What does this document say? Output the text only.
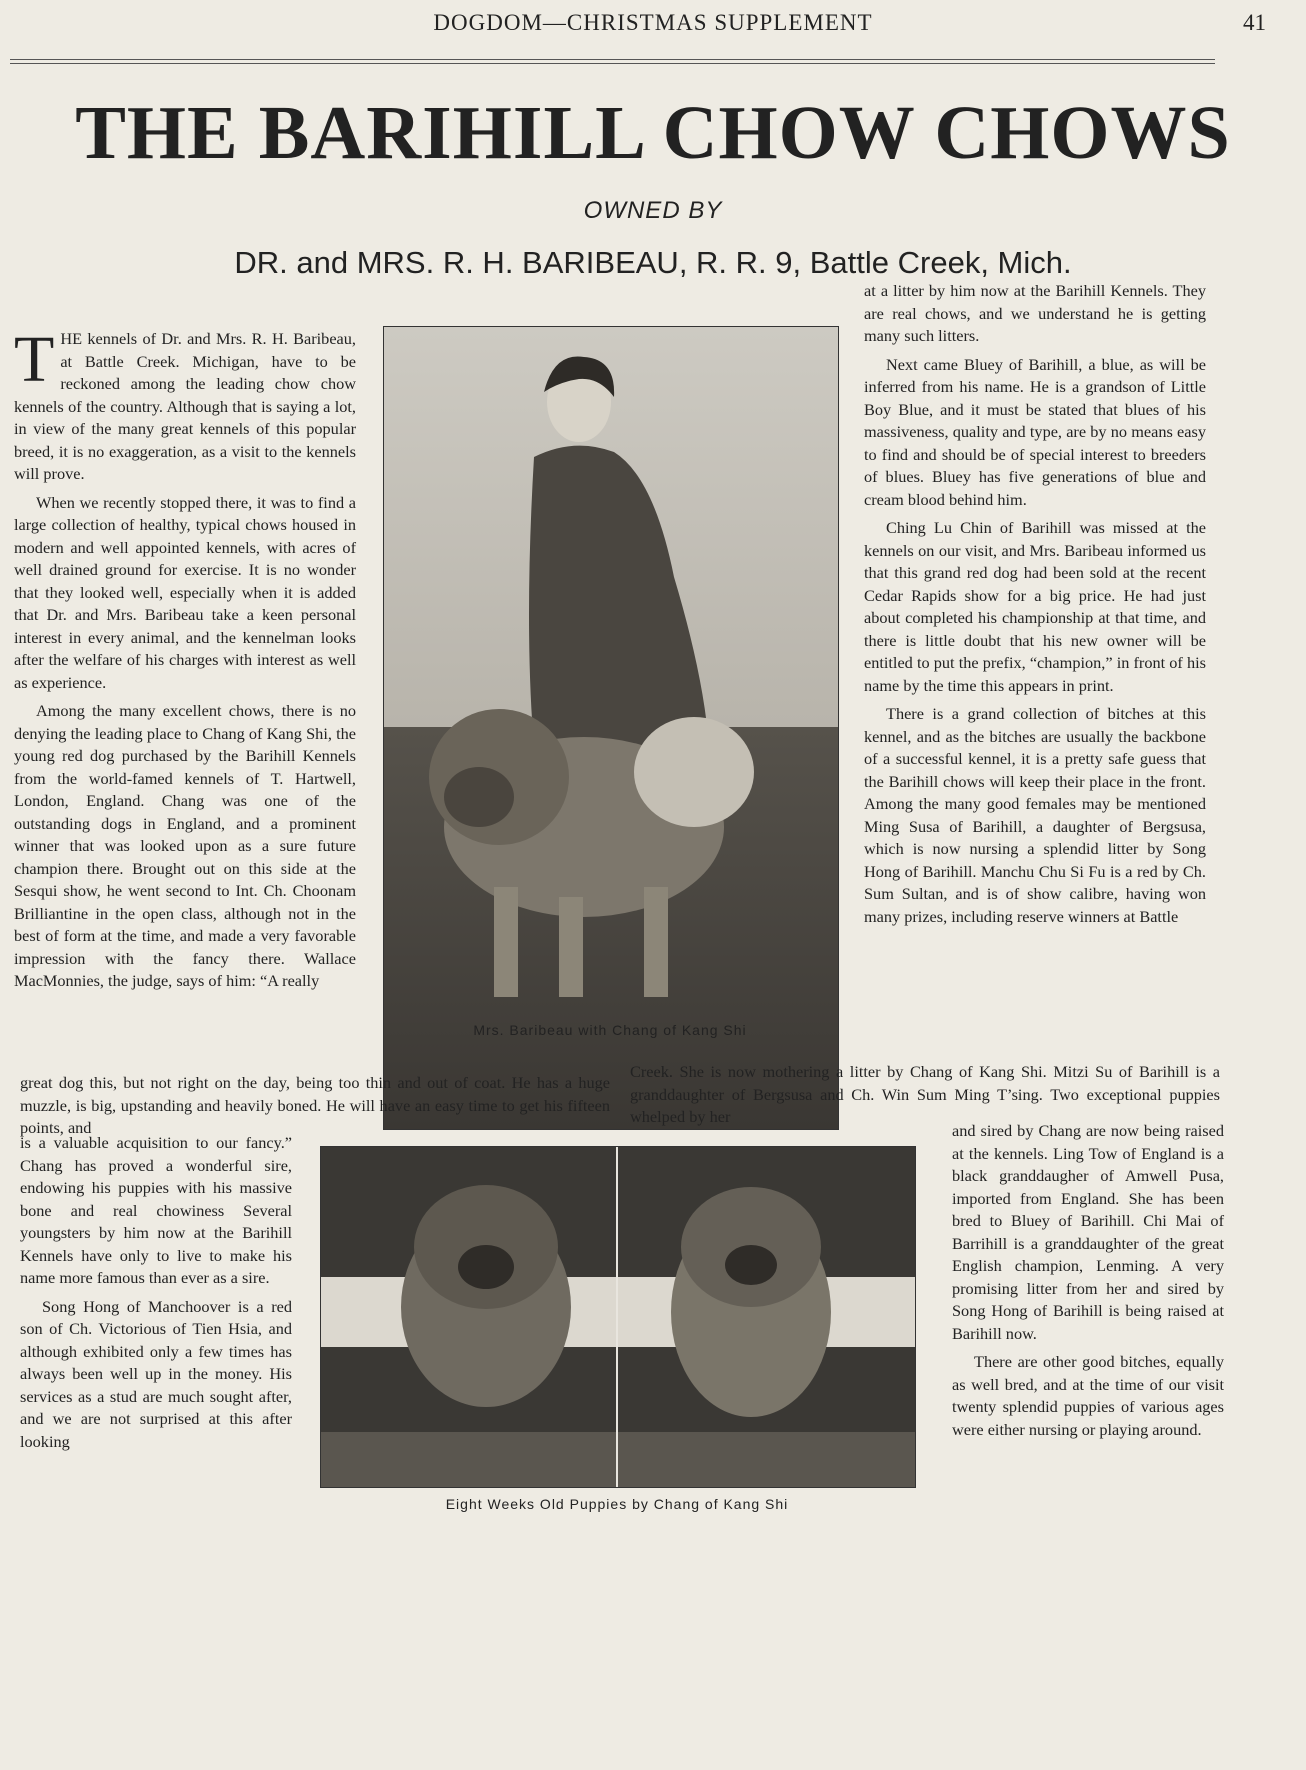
DOGDOM—CHRISTMAS SUPPLEMENT	41
THE BARIHILL CHOW CHOWS
OWNED BY
DR. and MRS. R. H. BARIBEAU, R. R. 9, Battle Creek, Mich.

THE kennels of Dr. and Mrs. R. H. Baribeau, at Battle Creek. Michigan, have to be reckoned among the leading chow chow kennels of the country. Although that is saying a lot, in view of the many great kennels of this popular breed, it is no exaggeration, as a visit to the kennels will prove.

When we recently stopped there, it was to find a large collection of healthy, typical chows housed in modern and well appointed kennels, with acres of well drained ground for exercise. It is no wonder that they looked well, especially when it is added that Dr. and Mrs. Baribeau take a keen personal interest in every animal, and the kennelman looks after the welfare of his charges with interest as well as experience.

Among the many excellent chows, there is no denying the leading place to Chang of Kang Shi, the young red dog purchased by the Barihill Kennels from the world-famed kennels of T. Hartwell, London, England. Chang was one of the outstanding dogs in England, and a prominent winner that was looked upon as a sure future champion there. Brought out on this side at the Sesqui show, he went second to Int. Ch. Choonam Brilliantine in the open class, although not in the best of form at the time, and made a very favorable impression with the fancy there. Wallace MacMonnies, the judge, says of him: “A really

Mrs. Baribeau with Chang of Kang Shi

at a litter by him now at the Barihill Kennels. They are real chows, and we understand he is getting many such litters.

Next came Bluey of Barihill, a blue, as will be inferred from his name. He is a grandson of Little Boy Blue, and it must be stated that blues of his massiveness, quality and type, are by no means easy to find and should be of special interest to breeders of blues. Bluey has five generations of blue and cream blood behind him.

Ching Lu Chin of Barihill was missed at the kennels on our visit, and Mrs. Baribeau informed us that this grand red dog had been sold at the recent Cedar Rapids show for a big price. He had just about completed his championship at that time, and there is little doubt that his new owner will be entitled to put the prefix, “champion,” in front of his name by the time this appears in print.

There is a grand collection of bitches at this kennel, and as the bitches are usually the backbone of a successful kennel, it is a pretty safe guess that the Barihill chows will keep their place in the front. Among the many good females may be mentioned Ming Susa of Barihill, a daughter of Bergsusa, which is now nursing a splendid litter by Song Hong of Barihill. Manchu Chu Si Fu is a red by Ch. Sum Sultan, and is of show calibre, having won many prizes, including reserve winners at Battle

great dog this, but not right on the day, being too thin and out of coat. He has a huge muzzle, is big, upstanding and heavily boned. He will have an easy time to get his fifteen points, and

Creek. She is now mothering a litter by Chang of Kang Shi. Mitzi Su of Barihill is a granddaughter of Bergsusa and Ch. Win Sum Ming T’sing. Two exceptional puppies whelped by her

is a valuable acquisition to our fancy.” Chang has proved a wonderful sire, endowing his puppies with his massive bone and real chowiness Several youngsters by him now at the Barihill Kennels have only to live to make his name more famous than ever as a sire.

Song Hong of Manchoover is a red son of Ch. Victorious of Tien Hsia, and although exhibited only a few times has always been well up in the money. His services as a stud are much sought after, and we are not surprised at this after looking

Eight Weeks Old Puppies by Chang of Kang Shi

and sired by Chang are now being raised at the kennels. Ling Tow of England is a black granddaugher of Amwell Pusa, imported from England. She has been bred to Bluey of Barihill. Chi Mai of Barrihill is a granddaughter of the great English champion, Lenming. A very promising litter from her and sired by Song Hong of Barihill is being raised at Barihill now.

There are other good bitches, equally as well bred, and at the time of our visit twenty splendid puppies of various ages were either nursing or playing around.
